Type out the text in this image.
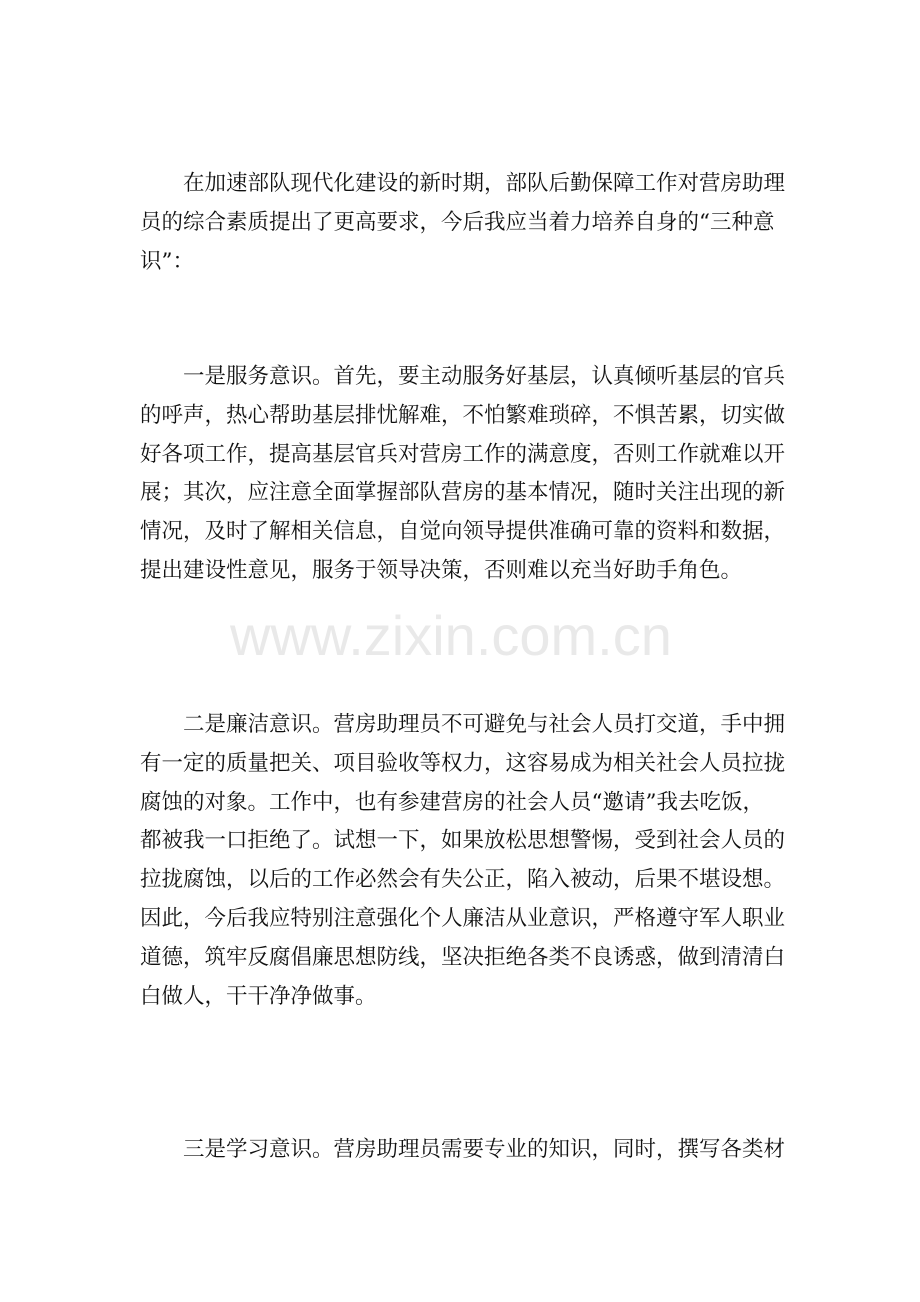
　　在加速部队现代化建设的新时期，部队后勤保障工作对营房助理
员的综合素质提出了更高要求，今后我应当着力培养自身的“三种意
识”：

　　一是服务意识。首先，要主动服务好基层，认真倾听基层的官兵
的呼声，热心帮助基层排忧解难，不怕繁难琐碎，不惧苦累，切实做
好各项工作，提高基层官兵对营房工作的满意度，否则工作就难以开
展；其次，应注意全面掌握部队营房的基本情况，随时关注出现的新
情况，及时了解相关信息，自觉向领导提供准确可靠的资料和数据，
提出建设性意见，服务于领导决策，否则难以充当好助手角色。

　　二是廉洁意识。营房助理员不可避免与社会人员打交道，手中拥
有一定的质量把关、项目验收等权力，这容易成为相关社会人员拉拢
腐蚀的对象。工作中，也有参建营房的社会人员“邀请”我去吃饭，
都被我一口拒绝了。试想一下，如果放松思想警惕，受到社会人员的
拉拢腐蚀，以后的工作必然会有失公正，陷入被动，后果不堪设想。
因此，今后我应特别注意强化个人廉洁从业意识，严格遵守军人职业
道德，筑牢反腐倡廉思想防线，坚决拒绝各类不良诱惑，做到清清白
白做人，干干净净做事。

　　三是学习意识。营房助理员需要专业的知识，同时，撰写各类材

www.zixin.com.cn
